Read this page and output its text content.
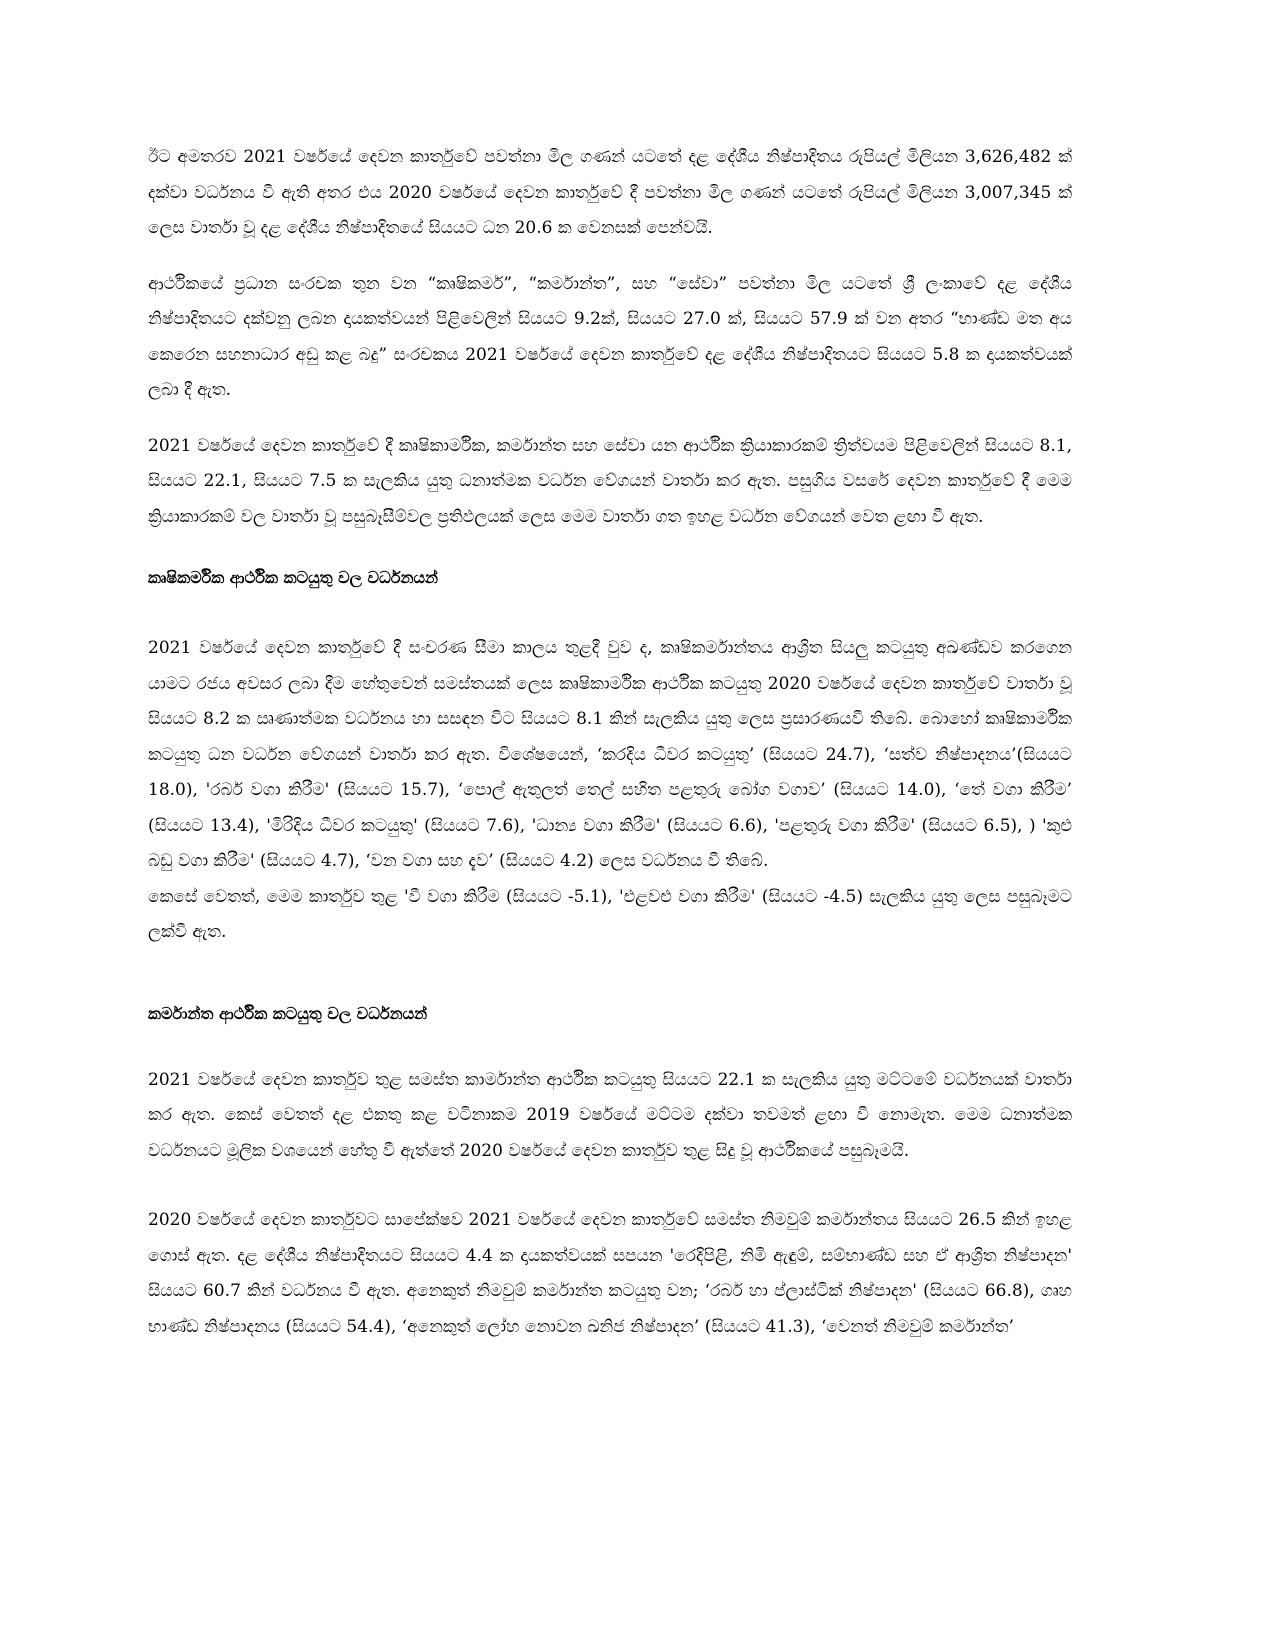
ඊට අමතරව 2021 වර්ෂයේ දෙවන කාර්තුවේ පවත්නා මිල ගණන් යටතේ දළ දේශීය නිෂ්පාදිතය රුපියල් මිලියන 3,626,482 ක් දක්වා වර්ධනය වී ඇති අතර එය 2020 වර්ෂයේ දෙවන කාර්තුවේ දී පවත්නා මිල ගණන් යටතේ රුපියල් මිලියන 3,007,345 ක් ලෙස වාර්තා වූ දළ දේශීය නිෂ්පාදිතයේ සියයට ධන 20.6 ක වෙනසක් පෙන්වයි.

ආර්ථිකයේ ප්‍රධාන සංරචක තුන වන “කෘෂිකර්ම”, “කර්මාන්ත”, සහ “සේවා” පවත්නා මිල යටතේ ශ්‍රී ලංකාවේ දළ දේශීය නිෂ්පාදිතයට දක්වනු ලබන දායකත්වයන් පිළිවෙලින් සියයට 9.2ක්, සියයට 27.0 ක්, සියයට 57.9 ක් වන අතර “භාණ්ඩ මත අය කෙරෙන සහනාධාර අඩු කළ බදු” සංරචකය 2021 වර්ෂයේ දෙවන කාර්තුවේ දළ දේශීය නිෂ්පාදිතයට සියයට 5.8 ක දායකත්වයක් ලබා දී ඇත.

2021 වර්ෂයේ දෙවන කාර්තුවේ දී කෘෂිකාර්මික, කර්මාන්ත සහ සේවා යන ආර්ථික ක්‍රියාකාරකම් ත්‍රිත්වයම පිළිවෙලින් සියයට 8.1, සියයට 22.1, සියයට 7.5 ක සැලකිය යුතු ධනාත්මක වර්ධන වේගයන් වාර්තා කර ඇත. පසුගිය වසරේ දෙවන කාර්තුවේ දී මෙම ක්‍රියාකාරකම් වල වාර්තා වූ පසුබෑසීම්වල ප්‍රතිඵලයක් ලෙස මෙම වාර්තා ගත ඉහළ වර්ධන වේගයන් වෙත ළඟා වී ඇත.

කෘෂිකර්මික ආර්ථික කටයුතු වල වර්ධනයන්

2021 වර්ෂයේ දෙවන කාර්තුවේ දී සංචරණ සීමා කාලය තුළදී වුව ද, කෘෂිකර්මාන්තය ආශ්‍රිත සියලු කටයුතු අඛණ්ඩව කරගෙන යාමට රජය අවසර ලබා දීම හේතුවෙන් සමස්තයක් ලෙස කෘෂිකාර්මික ආර්ථික කටයුතු 2020 වර්ෂයේ දෙවන කාර්තුවේ වාර්තා වූ සියයට 8.2 ක ඍණාත්මක වර්ධනය හා සසඳන විට සියයට 8.1 කින් සැලකිය යුතු ලෙස ප්‍රසාරණයවී තිබේ. බොහෝ කෘෂිකාර්මික කටයුතු ධන වර්ධන වේගයන් වාර්තා කර ඇත. විශේෂයෙන්, ‘කරදිය ධීවර කටයුතු’ (සියයට 24.7), ‘සත්ව නිෂ්පාදනය’(සියයට 18.0), 'රබර් වගා කිරීම' (සියයට 15.7), ‘පොල් ඇතුලත් තෙල් සහිත පළතුරු බෝග වගාව’ (සියයට 14.0), ‘තේ වගා කිරීම’ (සියයට 13.4), 'මිරිදිය ධීවර කටයුතු' (සියයට 7.6), 'ධාන්‍ය වගා කිරීම' (සියයට 6.6), 'පළතුරු වගා කිරීම' (සියයට 6.5), ) 'කුළු බඩු වගා කිරීම' (සියයට 4.7), ‘වන වගා සහ දැව’ (සියයට 4.2) ලෙස වර්ධනය වී තිබේ.

කෙසේ වෙතත්, මෙම කාර්තුව තුළ 'වී වගා කිරීම (සියයට -5.1), 'එළවළු වගා කිරීම' (සියයට -4.5) සැලකිය යුතු ලෙස පසුබෑමට ලක්වී ඇත.

කර්මාන්ත ආර්ථික කටයුතු වල වර්ධනයන්

2021 වර්ෂයේ දෙවන කාර්තුව තුළ සමස්ත කාර්මාන්ත ආර්ථික කටයුතු සියයට 22.1 ක සැලකිය යුතු මට්ටමේ වර්ධනයක් වාර්තා කර ඇත. කෙස් වෙතත් දළ එකතු කළ වටිනාකම 2019 වර්ෂයේ මට්ටම දක්වා තවමත් ළඟා වී නොමැත. මෙම ධනාත්මක වර්ධනයට මූලික වශයෙන් හේතු වී ඇත්තේ 2020 වර්ෂයේ දෙවන කාර්තුව තුළ සිදු වූ ආර්ථිකයේ පසුබෑමයි.

2020 වර්ෂයේ දෙවන කාර්තුවට සාපේක්ෂව 2021 වර්ෂයේ දෙවන කාර්තුවේ සමස්ත නිමවුම් කර්මාන්තය සියයට 26.5 කින් ඉහළ ගොස් ඇත. දළ දේශීය නිෂ්පාදිතයට සියයට 4.4 ක දායකත්වයක් සපයන 'රෙදිපිළි, නිමි ඇඳුම්, සම්භාණ්ඩ සහ ඒ ආශ්‍රිත නිෂ්පාදන' සියයට 60.7 කින් වර්ධනය වී ඇත. අනෙකුත් නිමවුම් කර්මාන්ත කටයුතු වන; ‘රබර් හා ප්ලාස්ටික් නිෂ්පාදන' (සියයට 66.8), ගෘහ භාණ්ඩ නිෂ්පාදනය (සියයට 54.4), ‘අනෙකුත් ලෝහ නොවන ඛනිජ නිෂ්පාදන’ (සියයට 41.3), ‘වෙනත් නිමවුම් කර්මාන්ත’
